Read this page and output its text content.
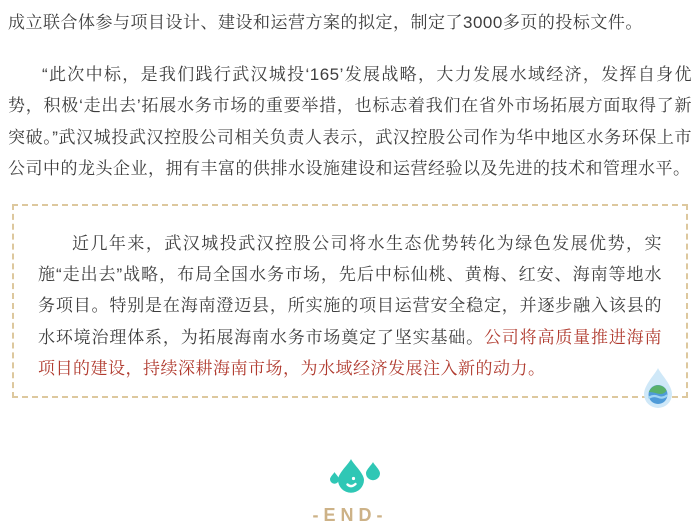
成立联合体参与项目设计、建设和运营方案的拟定，制定了3000多页的投标文件。

“此次中标，是我们践行武汉城投‘165’发展战略，大力发展水域经济，发挥自身优势，积极‘走出去’拓展水务市场的重要举措，也标志着我们在省外市场拓展方面取得了新突破。”武汉城投武汉控股公司相关负责人表示，武汉控股公司作为华中地区水务环保上市公司中的龙头企业，拥有丰富的供排水设施建设和运营经验以及先进的技术和管理水平。

近几年来，武汉城投武汉控股公司将水生态优势转化为绿色发展优势，实施“走出去”战略，布局全国水务市场，先后中标仙桃、黄梅、红安、海南等地水务项目。特别是在海南澄迈县，所实施的项目运营安全稳定，并逐步融入该县的水环境治理体系，为拓展海南水务市场奠定了坚实基础。公司将高质量推进海南项目的建设，持续深耕海南市场，为水域经济发展注入新的动力。

-END-
